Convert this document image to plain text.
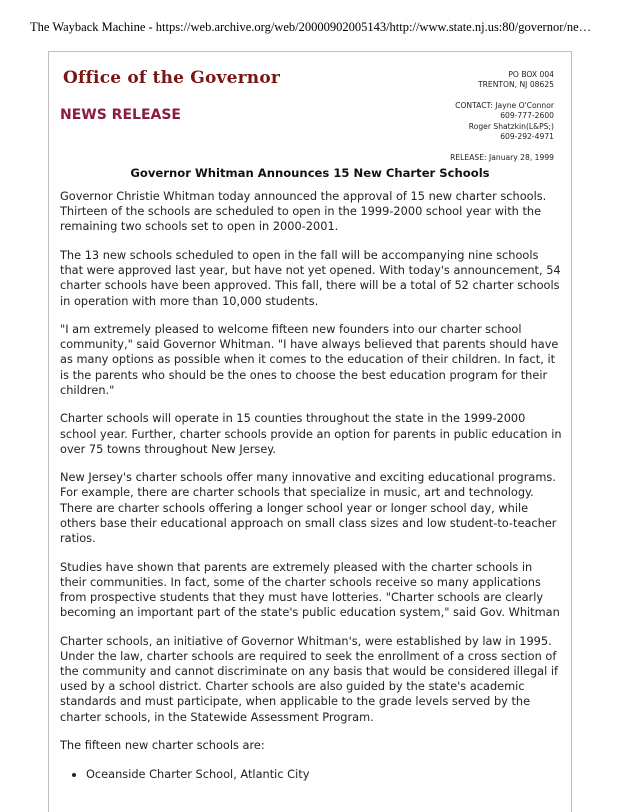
The Wayback Machine - https://web.archive.org/web/20000902005143/http://www.state.nj.us:80/governor/ne…
Office of the Governor
NEWS RELEASE
PO BOX 004
TRENTON, NJ 08625
CONTACT: Jayne O'Connor
609-777-2600
Roger Shatzkin(L&PS;)
609-292-4971
RELEASE: January 28, 1999
Governor Whitman Announces 15 New Charter Schools

Governor Christie Whitman today announced the approval of 15 new charter schools. Thirteen of the schools are scheduled to open in the 1999-2000 school year with the remaining two schools set to open in 2000-2001.

The 13 new schools scheduled to open in the fall will be accompanying nine schools that were approved last year, but have not yet opened. With today's announcement, 54 charter schools have been approved. This fall, there will be a total of 52 charter schools in operation with more than 10,000 students.

"I am extremely pleased to welcome fifteen new founders into our charter school community," said Governor Whitman. "I have always believed that parents should have as many options as possible when it comes to the education of their children. In fact, it is the parents who should be the ones to choose the best education program for their children."

Charter schools will operate in 15 counties throughout the state in the 1999-2000 school year. Further, charter schools provide an option for parents in public education in over 75 towns throughout New Jersey.

New Jersey's charter schools offer many innovative and exciting educational programs. For example, there are charter schools that specialize in music, art and technology. There are charter schools offering a longer school year or longer school day, while others base their educational approach on small class sizes and low student-to-teacher ratios.

Studies have shown that parents are extremely pleased with the charter schools in their communities. In fact, some of the charter schools receive so many applications from prospective students that they must have lotteries. "Charter schools are clearly becoming an important part of the state's public education system," said Gov. Whitman

Charter schools, an initiative of Governor Whitman's, were established by law in 1995. Under the law, charter schools are required to seek the enrollment of a cross section of the community and cannot discriminate on any basis that would be considered illegal if used by a school district. Charter schools are also guided by the state's academic standards and must participate, when applicable to the grade levels served by the charter schools, in the Statewide Assessment Program.

The fifteen new charter schools are:

• Oceanside Charter School, Atlantic City
